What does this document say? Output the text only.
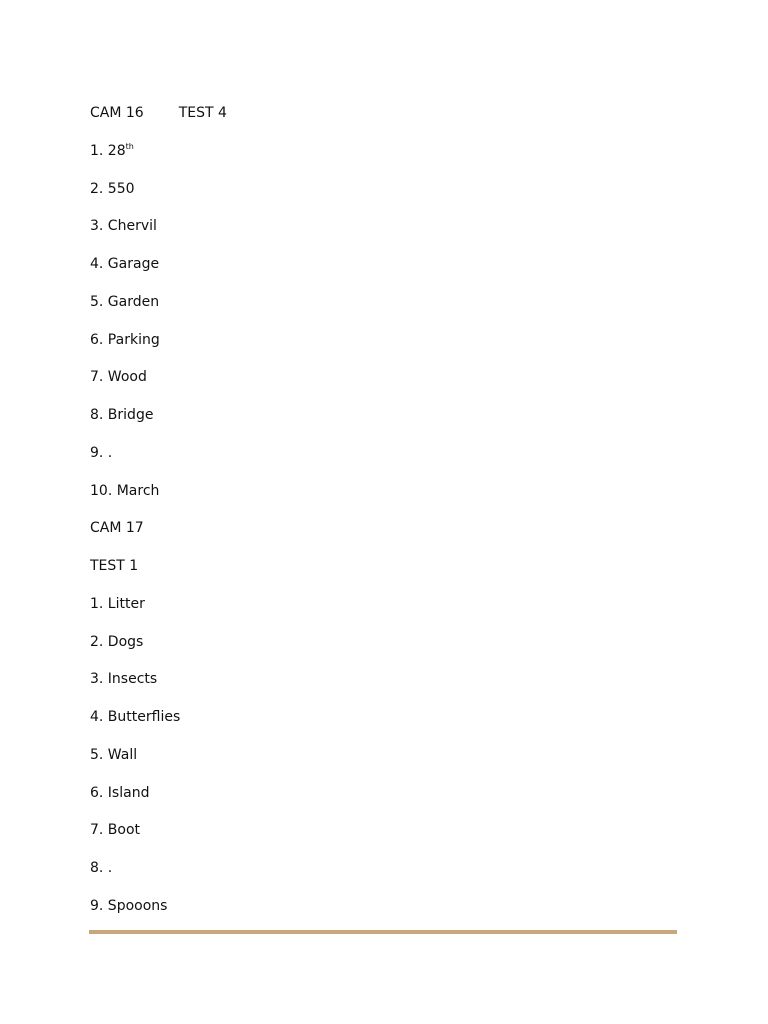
CAM 16	TEST 4
1. 28th
2. 550
3. Chervil
4. Garage
5. Garden
6. Parking
7. Wood
8. Bridge
9. .
10. March
CAM 17
TEST 1
1. Litter
2. Dogs
3. Insects
4. Butterflies
5. Wall
6. Island
7. Boot
8. .
9. Spooons
